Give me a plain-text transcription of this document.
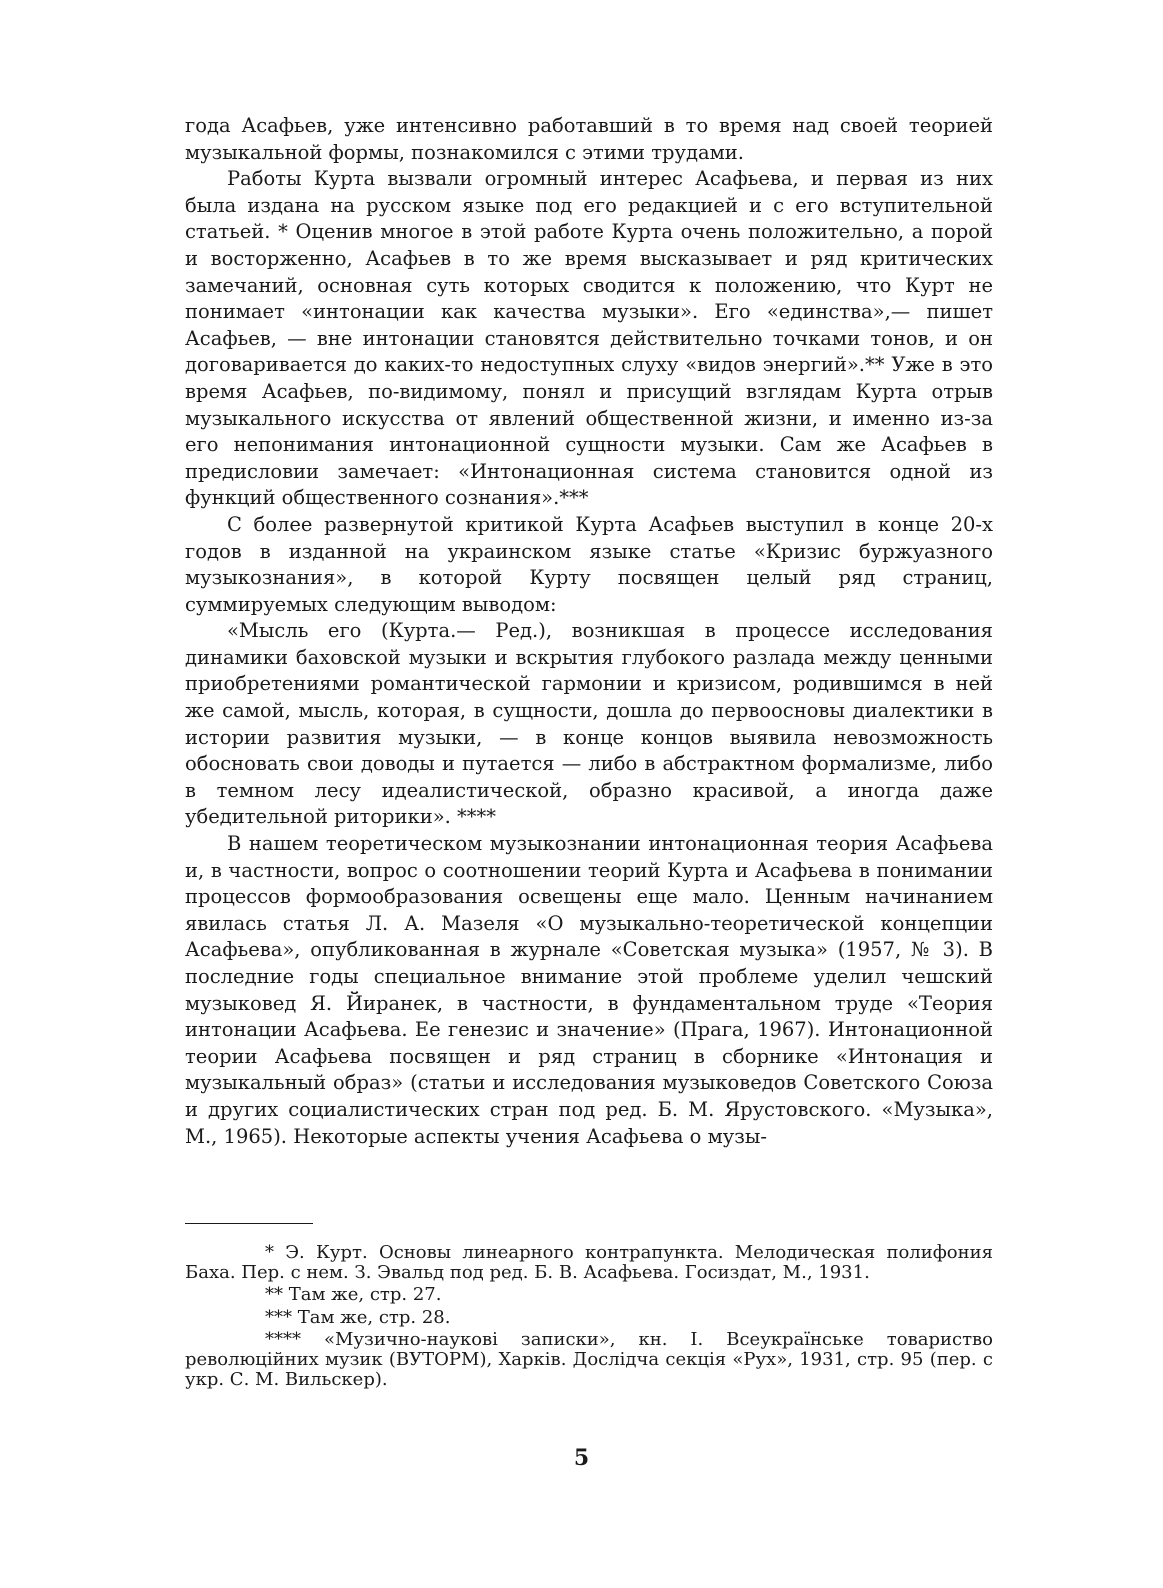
года Асафьев, уже интенсивно работавший в то время над своей теорией музыкальной формы, познакомился с этими трудами.

Работы Курта вызвали огромный интерес Асафьева, и первая из них была издана на русском языке под его редакцией и с его вступительной статьей. * Оценив многое в этой работе Курта очень положительно, а порой и восторженно, Асафьев в то же время высказывает и ряд критических замечаний, основная суть которых сводится к положению, что Курт не понимает «интонации как качества музыки». Его «единства»,— пишет Асафьев, — вне интонации становятся действительно точками тонов, и он договаривается до каких-то недоступных слуху «видов энергий».** Уже в это время Асафьев, по-видимому, понял и присущий взглядам Курта отрыв музыкального искусства от явлений общественной жизни, и именно из-за его непонимания интонационной сущности музыки. Сам же Асафьев в предисловии замечает: «Интонационная система становится одной из функций общественного сознания».***

С более развернутой критикой Курта Асафьев выступил в конце 20-х годов в изданной на украинском языке статье «Кризис буржуазного музыкознания», в которой Курту посвящен целый ряд страниц, суммируемых следующим выводом:

«Мысль его (Курта.— Ред.), возникшая в процессе исследования динамики баховской музыки и вскрытия глубокого разлада между ценными приобретениями романтической гармонии и кризисом, родившимся в ней же самой, мысль, которая, в сущности, дошла до первоосновы диалектики в истории развития музыки, — в конце концов выявила невозможность обосновать свои доводы и путается — либо в абстрактном формализме, либо в темном лесу идеалистической, образно красивой, а иногда даже убедительной риторики». ****

В нашем теоретическом музыкознании интонационная теория Асафьева и, в частности, вопрос о соотношении теорий Курта и Асафьева в понимании процессов формообразования освещены еще мало. Ценным начинанием явилась статья Л. А. Мазеля «О музыкально-теоретической концепции Асафьева», опубликованная в журнале «Советская музыка» (1957, № 3). В последние годы специальное внимание этой проблеме уделил чешский музыковед Я. Йиранек, в частности, в фундаментальном труде «Теория интонации Асафьева. Ее генезис и значение» (Прага, 1967). Интонационной теории Асафьева посвящен и ряд страниц в сборнике «Интонация и музыкальный образ» (статьи и исследования музыковедов Советского Союза и других социалистических стран под ред. Б. М. Ярустовского. «Музыка», М., 1965). Некоторые аспекты учения Асафьева о музы-

* Э. Курт. Основы линеарного контрапункта. Мелодическая полифония Баха. Пер. с нем. З. Эвальд под ред. Б. В. Асафьева. Госиздат, М., 1931.

** Там же, стр. 27.

*** Там же, стр. 28.

**** «Музично-наукові записки», кн. I. Всеукраїнське товариство революційних музик (ВУТОРМ), Харків. Дослідча секція «Рух», 1931, стр. 95 (пер. с укр. С. М. Вильскер).

5
